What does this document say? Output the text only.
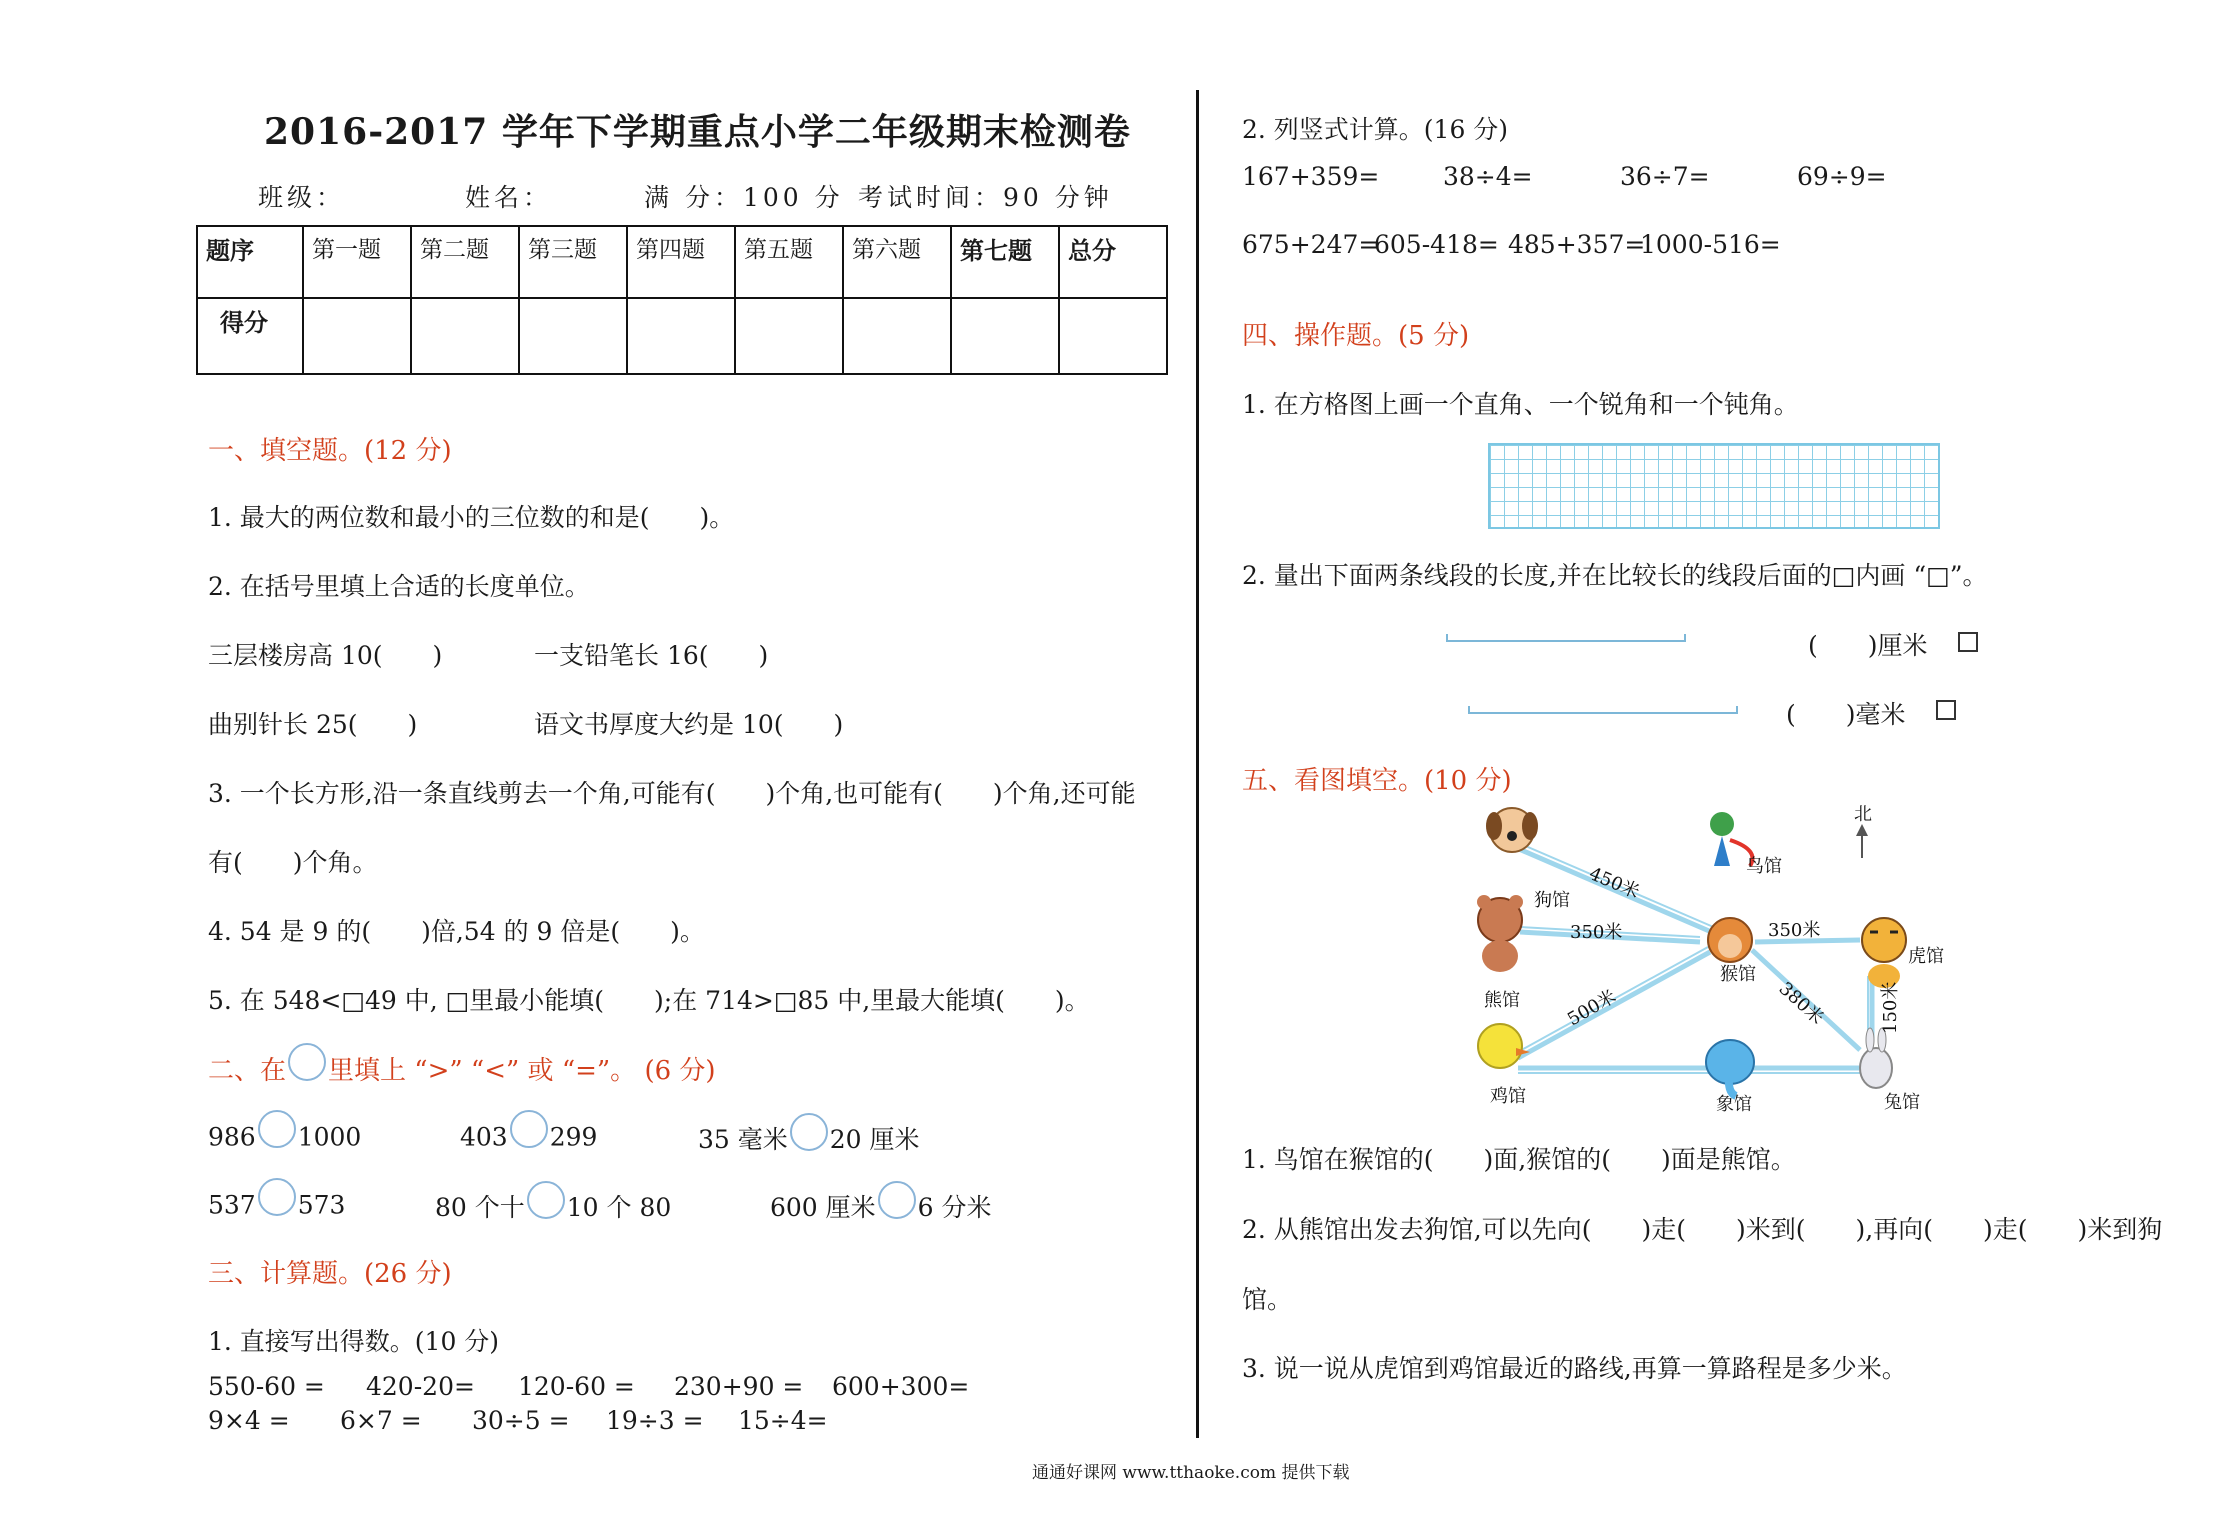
2016-2017 学年下学期重点小学二年级期末检测卷
班级：	姓名：	满 分：100 分 考试时间：90 分钟
题序	第一题	第二题	第三题	第四题	第五题	第六题	第七题	总分
得分								
一、填空题。(12 分)
1. 最大的两位数和最小的三位数的和是(　　)。
2. 在括号里填上合适的长度单位。
三层楼房高 10(　　)	一支铅笔长 16(　　)
曲别针长 25(　　)	语文书厚度大约是 10(　　)
3. 一个长方形,沿一条直线剪去一个角,可能有(　　)个角,也可能有(　　)个角,还可能
有(　　)个角。
4. 54 是 9 的(　　)倍,54 的 9 倍是(　　)。
5. 在 548<□49 中, □里最小能填(　　);在 714>□85 中,里最大能填(　　)。
二、在 里填上 “>” “<” 或 “=”。 (6 分)
986 1000	403 299	35 毫米 20 厘米
537 573	80 个十 10 个 80	600 厘米 6 分米
三、计算题。(26 分)
1. 直接写出得数。(10 分)
550-60 = 420-20= 120-60 = 230+90 = 600+300=
9×4 = 6×7 = 30÷5 = 19÷3 = 15÷4=
2. 列竖式计算。(16 分)
167+359=	38÷4=	36÷7=	69÷9=
675+247=
605-418= 485+357=
1000-516=
四、操作题。(5 分)
1. 在方格图上画一个直角、一个锐角和一个钝角。
2. 量出下面两条线段的长度,并在比较长的线段后面的□内画 “□”。
(　　)厘米
(　　)毫米
五、看图填空。(10 分)
北
鸟馆
狗馆
熊馆
猴馆
虎馆
鸡馆	象馆	兔馆
450米
350米	350米
380米
500米	150米
1. 鸟馆在猴馆的(　　)面,猴馆的(　　)面是熊馆。
2. 从熊馆出发去狗馆,可以先向(　　)走(　　)米到(　　),再向(　　)走(　　)米到狗
馆。
3. 说一说从虎馆到鸡馆最近的路线,再算一算路程是多少米。
通通好课网 www.tthaoke.com 提供下载
